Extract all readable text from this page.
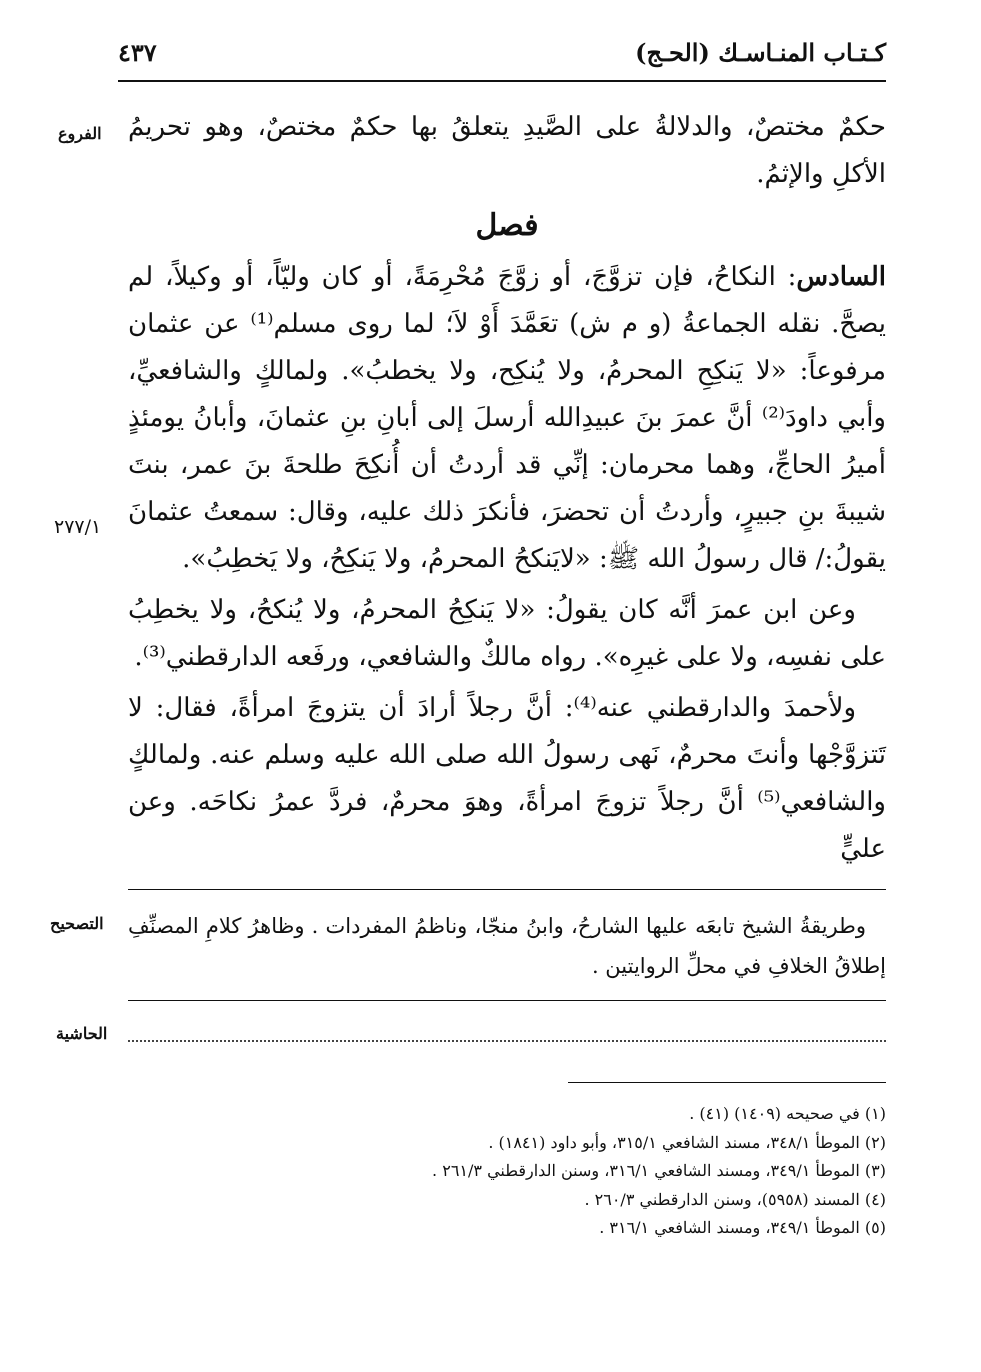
كـتـاب المنـاسـك (الحـج)
٤٣٧
الفروع
٢٧٧/١
التصحيح
الحاشية

حكمٌ مختصٌ، والدلالةُ على الصَّيدِ يتعلقُ بها حكمٌ مختصٌ، وهو تحريمُ الأكلِ والإثمُ.

فصل

السادس: النكاحُ، فإن تزوَّجَ، أو زوَّجَ مُحْرِمَةً، أو كان وليّاً، أو وكيلاً، لم يصحَّ. نقله الجماعةُ (و م ش) تعَمَّدَ أَوْ لاَ؛ لما روى مسلم⁽¹⁾ عن عثمان مرفوعاً: «لا يَنكِحِ المحرمُ، ولا يُنكِح، ولا يخطبُ». ولمالكٍ والشافعيِّ، وأبي داودَ⁽²⁾ أنَّ عمرَ بنَ عبيدِالله أرسلَ إلى أبانِ بنِ عثمانَ، وأبانُ يومئذٍ أميرُ الحاجِّ، وهما محرمان: إنِّي قد أردتُ أن أُنكِحَ طلحةَ بنَ عمر، بنتَ شيبةَ بنِ جبيرٍ، وأردتُ أن تحضرَ، فأنكرَ ذلك عليه، وقال: سمعتُ عثمانَ يقولُ:/ قال رسولُ الله ﷺ: «لايَنكحُ المحرمُ، ولا يَنكِحُ، ولا يَخطِبُ».

وعن ابن عمرَ أنَّه كان يقولُ: «لا يَنكِحُ المحرمُ، ولا يُنكحُ، ولا يخطِبُ على نفسِه، ولا على غيرِه». رواه مالكٌ والشافعي، ورفَعه الدارقطني⁽³⁾.

ولأحمدَ والدارقطني عنه⁽⁴⁾: أنَّ رجلاً أرادَ أن يتزوجَ امرأةً، فقال: لا تَتزوَّجْها وأنتَ محرمٌ، نَهى رسولُ الله صلى الله عليه وسلم عنه. ولمالكٍ والشافعي⁽⁵⁾ أنَّ رجلاً تزوجَ امرأةً، وهوَ محرمٌ، فردَّ عمرُ نكاحَه. وعن عليٍّ

وطريقةُ الشيخ تابعَه عليها الشارحُ، وابنُ منجّا، وناظمُ المفردات . وظاهرُ كلامِ المصنِّفِ إطلاقُ الخلافِ في محلِّ الروايتين .

(١) في صحيحه (١٤٠٩) (٤١) .
(٢) الموطأ ٣٤٨/١، مسند الشافعي ٣١٥/١، وأبو داود (١٨٤١) .
(٣) الموطأ ٣٤٩/١، ومسند الشافعي ٣١٦/١، وسنن الدارقطني ٢٦١/٣ .
(٤) المسند (٥٩٥٨)، وسنن الدارقطني ٢٦٠/٣ .
(٥) الموطأ ٣٤٩/١، ومسند الشافعي ٣١٦/١ .
